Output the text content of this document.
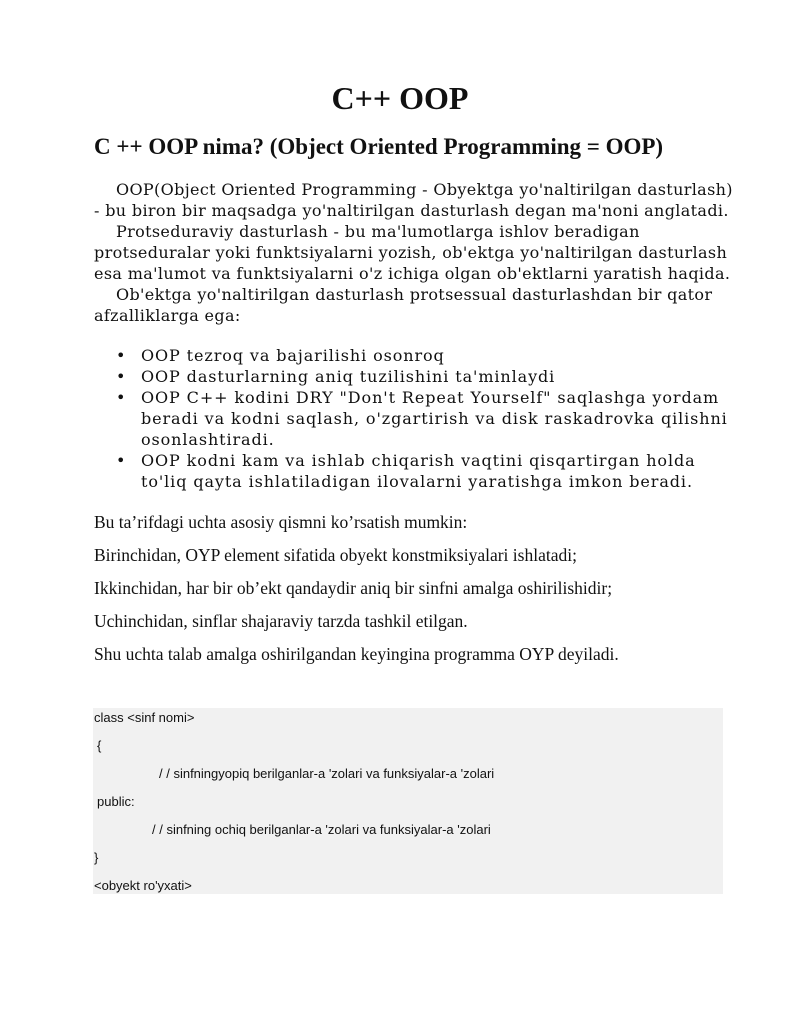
C++ OOP
C ++ OOP nima? (Object Oriented Programming = OOP)

OOP(Object Oriented Programming - Obyektga yo'naltirilgan dasturlash)

- bu biron bir maqsadga yo'naltirilgan dasturlash degan ma'noni anglatadi.

Protseduraviy dasturlash - bu ma'lumotlarga ishlov beradigan

protseduralar yoki funktsiyalarni yozish, ob'ektga yo'naltirilgan dasturlash

esa ma'lumot va funktsiyalarni o'z ichiga olgan ob'ektlarni yaratish haqida.

Ob'ektga yo'naltirilgan dasturlash protsessual dasturlashdan bir qator

afzalliklarga ega:

• OOP tezroq va bajarilishi osonroq
• OOP dasturlarning aniq tuzilishini ta'minlaydi
• OOP C++ kodini DRY "Don't Repeat Yourself" saqlashga yordam
beradi va kodni saqlash, o'zgartirish va disk raskadrovka qilishni
osonlashtiradi.
• OOP kodni kam va ishlab chiqarish vaqtini qisqartirgan holda
to'liq qayta ishlatiladigan ilovalarni yaratishga imkon beradi.

Bu ta’rifdagi uchta asosiy qismni ko’rsatish mumkin:

Birinchidan, OYP element sifatida obyekt konstmiksiyalari ishlatadi;

Ikkinchidan, har bir ob’ekt qandaydir aniq bir sinfni amalga oshirilishidir;

Uchinchidan, sinflar shajaraviy tarzda tashkil etilgan.

Shu uchta talab amalga oshirilgandan keyingina programma OYP deyiladi.

class <sinf nomi>
{
/ / sinfningyopiq berilganlar-a 'zolari va funksiyalar-a 'zolari
public:
/ / sinfning ochiq berilganlar-a 'zolari va funksiyalar-a 'zolari
}
<obyekt ro'yxati>
